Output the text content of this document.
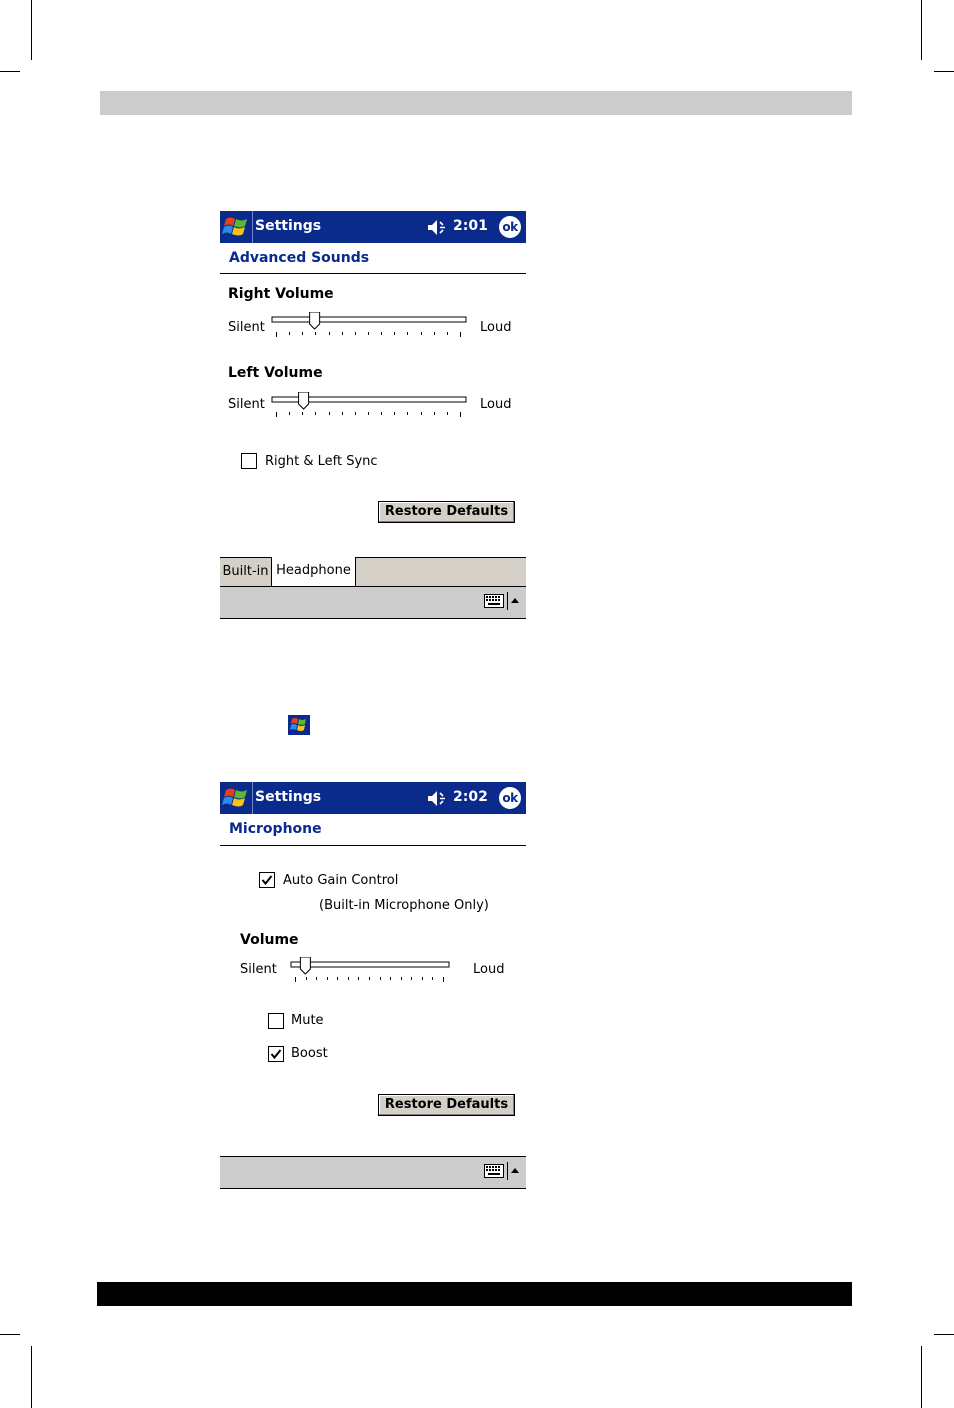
Settings	2:01 ok
Advanced Sounds
Right Volume
Silent	Loud
Left Volume
Silent	Loud
Right & Left Sync
Restore Defaults
Built-in Headphone
Settings	2:02 ok
Microphone
Auto Gain Control
(Built-in Microphone Only)
Volume
Silent	Loud
Mute
Boost
Restore Defaults
